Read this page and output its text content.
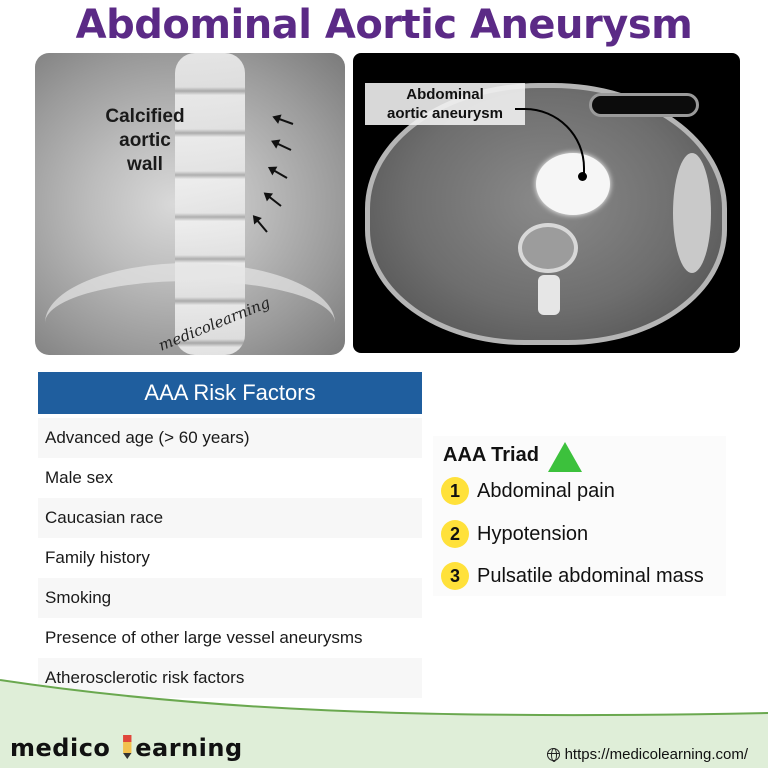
Abdominal Aortic Aneurysm
Calcified
aortic
wall
medicolearning
Abdominal
aortic aneurysm
AAA Risk Factors
Advanced age (> 60 years)
Male sex
Caucasian race
Family history
Smoking
Presence of other large vessel aneurysms
Atherosclerotic risk factors
AAA Triad
1 Abdominal pain
2 Hypotension
3 Pulsatile abdominal mass
medico earning	https://medicolearning.com/
